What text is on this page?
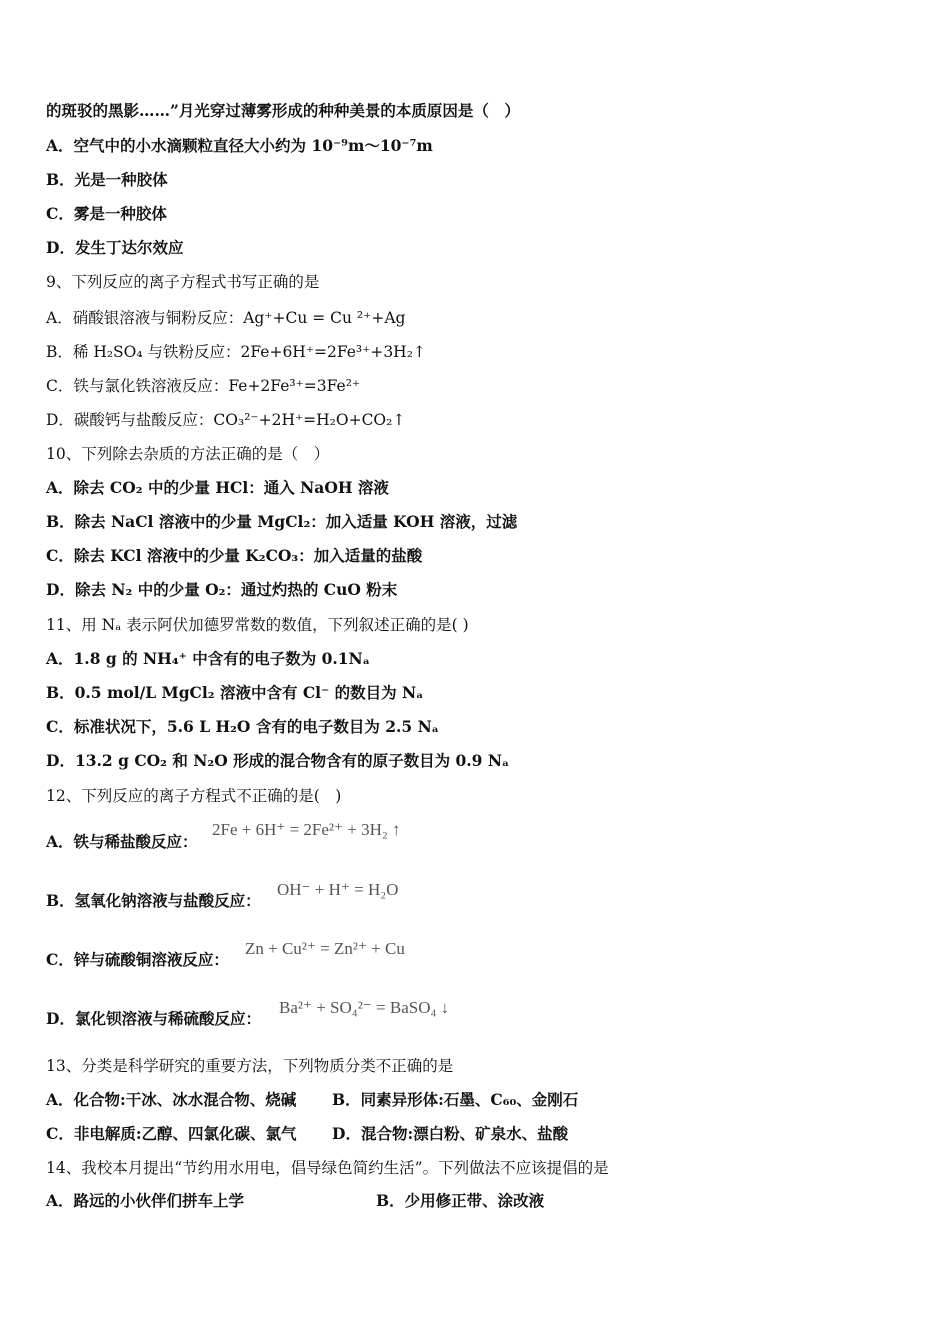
的斑驳的黑影……”月光穿过薄雾形成的种种美景的本质原因是（　）
A．空气中的小水滴颗粒直径大小约为 10⁻⁹m～10⁻⁷m
B．光是一种胶体
C．雾是一种胶体
D．发生丁达尔效应
9、下列反应的离子方程式书写正确的是
A．硝酸银溶液与铜粉反应：Ag⁺+Cu = Cu ²⁺+Ag
B．稀 H₂SO₄ 与铁粉反应：2Fe+6H⁺=2Fe³⁺+3H₂↑
C．铁与氯化铁溶液反应：Fe+2Fe³⁺=3Fe²⁺
D．碳酸钙与盐酸反应：CO₃²⁻+2H⁺=H₂O+CO₂↑
10、下列除去杂质的方法正确的是（　）
A．除去 CO₂ 中的少量 HCl：通入 NaOH 溶液
B．除去 NaCl 溶液中的少量 MgCl₂：加入适量 KOH 溶液，过滤
C．除去 KCl 溶液中的少量 K₂CO₃：加入适量的盐酸
D．除去 N₂ 中的少量 O₂：通过灼热的 CuO 粉末
11、用 Nₐ 表示阿伏加德罗常数的数值，下列叙述正确的是( )
A．1.8 g 的 NH₄⁺ 中含有的电子数为 0.1Nₐ
B．0.5 mol/L MgCl₂ 溶液中含有 Cl⁻ 的数目为 Nₐ
C．标准状况下，5.6 L H₂O 含有的电子数目为 2.5 Nₐ
D．13.2 g CO₂ 和 N₂O 形成的混合物含有的原子数目为 0.9 Nₐ
12、下列反应的离子方程式不正确的是(　)
A．铁与稀盐酸反应：
2Fe + 6H⁺ = 2Fe²⁺ + 3H₂ ↑
B．氢氧化钠溶液与盐酸反应：
OH⁻ + H⁺ = H₂O
C．锌与硫酸铜溶液反应：
Zn + Cu²⁺ = Zn²⁺ + Cu
D．氯化钡溶液与稀硫酸反应：
Ba²⁺ + SO₄²⁻ = BaSO₄ ↓
13、分类是科学研究的重要方法，下列物质分类不正确的是
A．化合物:干冰、冰水混合物、烧碱 B．同素异形体:石墨、C₆₀、金刚石
C．非电解质:乙醇、四氯化碳、氯气 D．混合物:漂白粉、矿泉水、盐酸
14、我校本月提出“节约用水用电，倡导绿色简约生活”。下列做法不应该提倡的是
A．路远的小伙伴们拼车上学	B．少用修正带、涂改液
